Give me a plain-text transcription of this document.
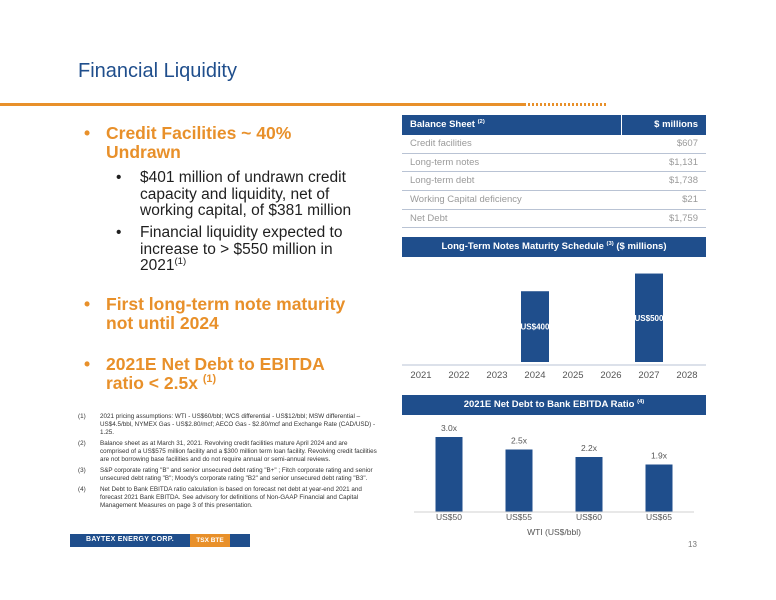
Financial Liquidity
• Credit Facilities ~ 40% Undrawn
•	$401 million of undrawn credit capacity and liquidity, net of working capital, of $381 million
•	Financial liquidity expected to increase to > $550 million in 2021$^{(1)}$
• First long-term note maturity not until 2024
• 2021E Net Debt to EBITDA ratio < 2.5x $^{(1)}$
(1) 2021 pricing assumptions: WTI - US$60/bbl; WCS differential - US$12/bbl; MSW differential – US$4.5/bbl, NYMEX Gas - US$2.80/mcf; AECO Gas - $2.80/mcf and Exchange Rate (CAD/USD) - 1.25.
(2) Balance sheet as at March 31, 2021. Revolving credit facilities mature April 2024 and are comprised of a US$575 million facility and a $300 million term loan facility. Revolving credit facilities are not borrowing base facilities and do not require annual or semi-annual reviews.
(3) S&P corporate rating "B" and senior unsecured debt rating "B+" ; Fitch corporate rating and senior unsecured debt rating "B"; Moody's corporate rating "B2" and senior unsecured debt rating "B3".
(4) Net Debt to Bank EBITDA ratio calculation is based on forecast net debt at year-end 2021 and forecast 2021 Bank EBITDA. See advisory for definitions of Non-GAAP Financial and Capital Management Measures on page 3 of this presentation.
BAYTEX ENERGY CORP.	TSX BTE	13
Balance Sheet $^{(2)}$	$ millions
Credit facilities	$607
Long-term notes	$1,131
Long-term debt	$1,738
Working Capital deficiency	$21
Net Debt	$1,759
Long-Term Notes Maturity Schedule $^{(3)}$ ($ millions)
2021 2022 2023
US$400
2024 2025 2026
US$500
2027 2028
2021E Net Debt to Bank EBITDA Ratio $^{(4)}$
3.0x
US$50
2.5x
US$55
2.2x
US$60
1.9x
US$65
WTI (US$/bbl)
